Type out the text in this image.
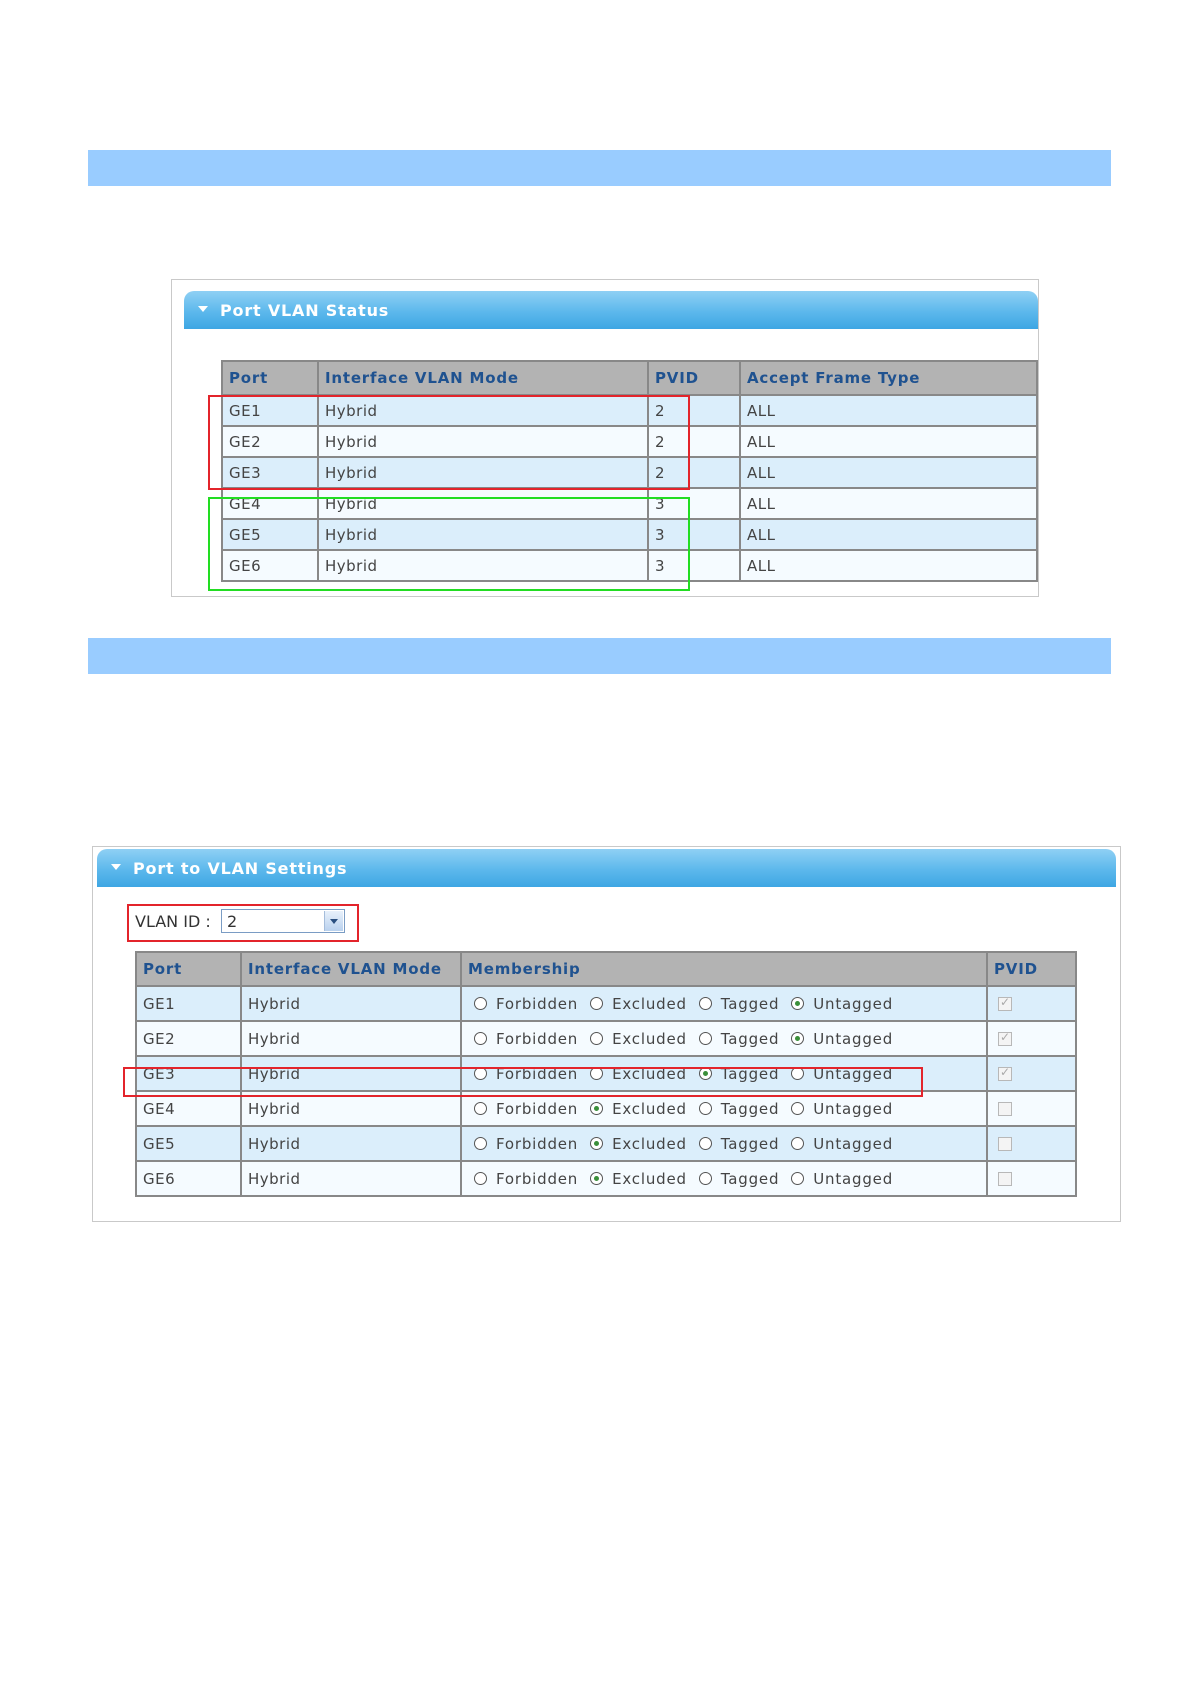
Port VLAN Status
Port	Interface VLAN Mode	PVID	Accept Frame Type
GE1	Hybrid	2	ALL
GE2	Hybrid	2	ALL
GE3	Hybrid	2	ALL
GE4	Hybrid	3	ALL
GE5	Hybrid	3	ALL
GE6	Hybrid	3	ALL
Port to VLAN Settings
VLAN ID : 2
Port	Interface VLAN Mode	Membership	PVID
GE1	Hybrid	Forbidden Excluded Tagged Untagged	✓
GE2	Hybrid	Forbidden Excluded Tagged Untagged	✓
GE3	Hybrid	Forbidden Excluded Tagged Untagged	✓
GE4	Hybrid	Forbidden Excluded Tagged Untagged	
GE5	Hybrid	Forbidden Excluded Tagged Untagged	
GE6	Hybrid	Forbidden Excluded Tagged Untagged	
